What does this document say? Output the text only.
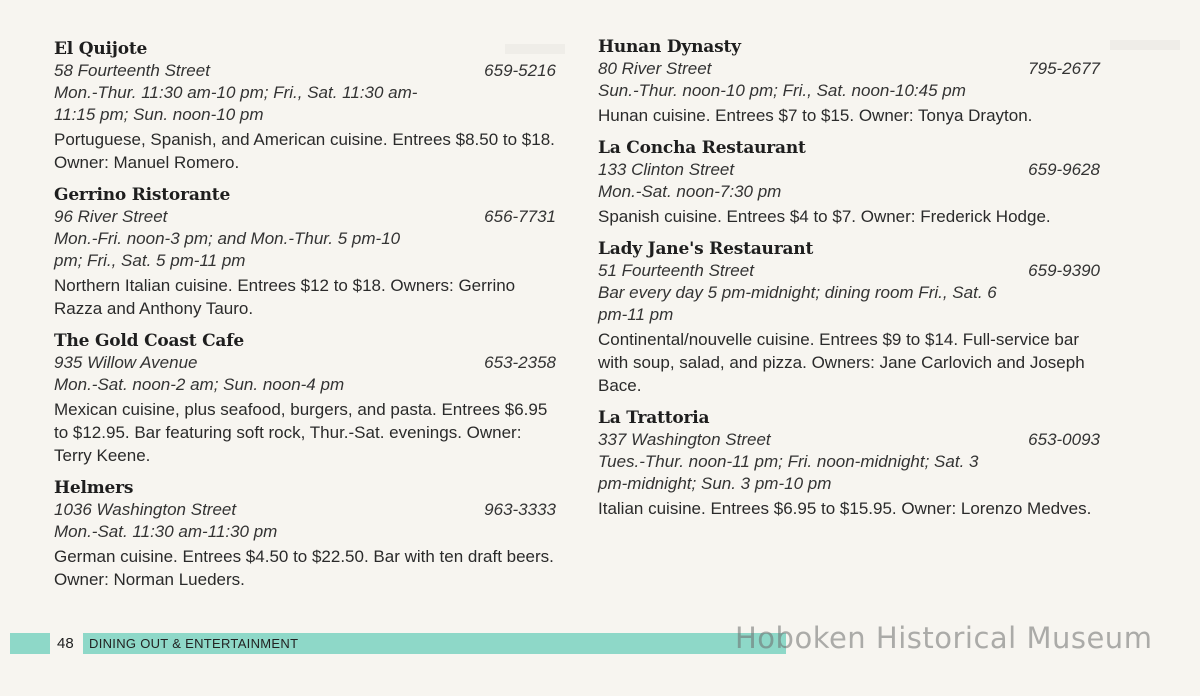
El Quijote
58 Fourteenth Street	659-5216
Mon.-Thur. 11:30 am-10 pm; Fri., Sat. 11:30 am-11:15 pm; Sun. noon-10 pm
Portuguese, Spanish, and American cuisine. Entrees $8.50 to $18. Owner: Manuel Romero.
Gerrino Ristorante
96 River Street	656-7731
Mon.-Fri. noon-3 pm; and Mon.-Thur. 5 pm-10 pm; Fri., Sat. 5 pm-11 pm
Northern Italian cuisine. Entrees $12 to $18. Owners: Gerrino Razza and Anthony Tauro.
The Gold Coast Cafe
935 Willow Avenue	653-2358
Mon.-Sat. noon-2 am; Sun. noon-4 pm
Mexican cuisine, plus seafood, burgers, and pasta. Entrees $6.95 to $12.95. Bar featuring soft rock, Thur.-Sat. evenings. Owner: Terry Keene.
Helmers
1036 Washington Street	963-3333
Mon.-Sat. 11:30 am-11:30 pm
German cuisine. Entrees $4.50 to $22.50. Bar with ten draft beers. Owner: Norman Lueders.
Hunan Dynasty
80 River Street	795-2677
Sun.-Thur. noon-10 pm; Fri., Sat. noon-10:45 pm
Hunan cuisine. Entrees $7 to $15. Owner: Tonya Drayton.
La Concha Restaurant
133 Clinton Street	659-9628
Mon.-Sat. noon-7:30 pm
Spanish cuisine. Entrees $4 to $7. Owner: Frederick Hodge.
Lady Jane's Restaurant
51 Fourteenth Street	659-9390
Bar every day 5 pm-midnight; dining room Fri., Sat. 6 pm-11 pm
Continental/nouvelle cuisine. Entrees $9 to $14. Full-service bar with soup, salad, and pizza. Owners: Jane Carlovich and Joseph Bace.
La Trattoria
337 Washington Street	653-0093
Tues.-Thur. noon-11 pm; Fri. noon-midnight; Sat. 3 pm-midnight; Sun. 3 pm-10 pm
Italian cuisine. Entrees $6.95 to $15.95. Owner: Lorenzo Medves.
48 DINING OUT & ENTERTAINMENT	Hoboken Historical Museum
